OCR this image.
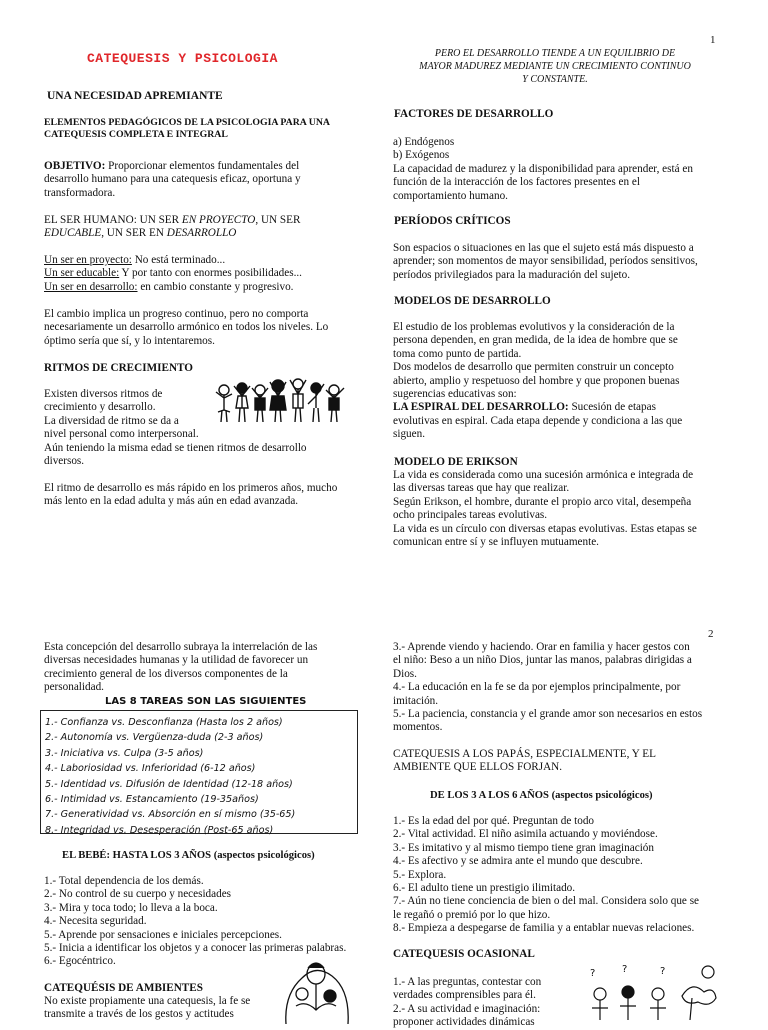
1
CATEQUESIS Y PSICOLOGIA
UNA NECESIDAD APREMIANTE

ELEMENTOS PEDAGÓGICOS DE LA PSICOLOGIA PARA UNA

CATEQUESIS COMPLETA E INTEGRAL

OBJETIVO: Proporcionar elementos fundamentales del

desarrollo humano para una catequesis eficaz, oportuna y

transformadora.

EL SER HUMANO: UN SER EN PROYECTO, UN SER

EDUCABLE, UN SER EN DESARROLLO

Un ser en proyecto: No está terminado...

Un ser educable: Y por tanto con enormes posibilidades...

Un ser en desarrollo: en cambio constante y progresivo.

El cambio implica un progreso continuo, pero no comporta

necesariamente un desarrollo armónico en todos los niveles. Lo

óptimo sería que sí, y lo intentaremos.

RITMOS DE CRECIMIENTO

Existen diversos ritmos de

crecimiento y desarrollo.

La diversidad de ritmo se da a

nivel personal como interpersonal.

Aún teniendo la misma edad se tienen ritmos de desarrollo

diversos.

El ritmo de desarrollo es más rápido en los primeros años, mucho

más lento en la edad adulta y más aún en edad avanzada.

PERO EL DESARROLLO TIENDE A UN EQUILIBRIO DE

MAYOR MADUREZ MEDIANTE UN CRECIMIENTO CONTINUO

Y CONSTANTE.

FACTORES DE DESARROLLO

a) Endógenos

b) Exógenos

La capacidad de madurez y la disponibilidad para aprender, está en

función de la interacción de los factores presentes en el

comportamiento humano.

PERÍODOS CRÍTICOS

Son espacios o situaciones en las que el sujeto está más dispuesto a

aprender; son momentos de mayor sensibilidad, períodos sensitivos,

períodos privilegiados para la maduración del sujeto.

MODELOS DE DESARROLLO

El estudio de los problemas evolutivos y la consideración de la

persona dependen, en gran medida, de la idea de hombre que se

toma como punto de partida.

Dos modelos de desarrollo que permiten construir un concepto

abierto, amplio y respetuoso del hombre y que proponen buenas

sugerencias educativas son:

LA ESPIRAL DEL DESARROLLO: Sucesión de etapas

evolutivas en espiral. Cada etapa depende y condiciona a las que

siguen.

MODELO DE ERIKSON

La vida es considerada como una sucesión armónica e integrada de

las diversas tareas que hay que realizar.

Según Erikson, el hombre, durante el propio arco vital, desempeña

ocho principales tareas evolutivas.

La vida es un círculo con diversas etapas evolutivas. Estas etapas se

comunican entre sí y se influyen mutuamente.

2

Esta concepción del desarrollo subraya la interrelación de las

diversas necesidades humanas y la utilidad de favorecer un

crecimiento general de los diversos componentes de la

personalidad.

LAS 8 TAREAS SON LAS SIGUIENTES

1.- Confianza vs. Desconfianza (Hasta los 2 años)

2.- Autonomía vs. Vergüenza-duda (2-3 años)

3.- Iniciativa vs. Culpa (3-5 años)

4.- Laboriosidad vs. Inferioridad (6-12 años)

5.- Identidad vs. Difusión de Identidad (12-18 años)

6.- Intimidad vs. Estancamiento (19-35años)

7.- Generatividad vs. Absorción en sí mismo (35-65)

8.- Integridad vs. Desesperación (Post-65 años)

EL BEBÉ: HASTA LOS 3 AÑOS (aspectos psicológicos)

1.- Total dependencia de los demás.

2.- No control de su cuerpo y necesidades

3.- Mira y toca todo; lo lleva a la boca.

4.- Necesita seguridad.

5.- Aprende por sensaciones e iniciales percepciones.

5.- Inicia a identificar los objetos y a conocer las primeras palabras.

6.- Egocéntrico.

CATEQUÉSIS DE AMBIENTES

No existe propiamente una catequesis, la fe se

transmite a través de los gestos y actitudes

3.- Aprende viendo y haciendo. Orar en familia y hacer gestos con

el niño: Beso a un niño Dios, juntar las manos, palabras dirigidas a

Dios.

4.- La educación en la fe se da por ejemplos principalmente, por

imitación.

5.- La paciencia, constancia y el grande amor son necesarios en estos

momentos.

CATEQUESIS A LOS PAPÁS, ESPECIALMENTE, Y EL

AMBIENTE QUE ELLOS FORJAN.

DE LOS 3 A LOS 6 AÑOS (aspectos psicológicos)

1.- Es la edad del por qué. Preguntan de todo

2.- Vital actividad. El niño asimila actuando y moviéndose.

3.- Es imitativo y al mismo tiempo tiene gran imaginación

4.- Es afectivo y se admira ante el mundo que descubre.

5.- Explora.

6.- El adulto tiene un prestigio ilimitado.

7.- Aún no tiene conciencia de bien o del mal. Considera solo que se

le regañó o premió por lo que hizo.

8.- Empieza a despegarse de familia y a entablar nuevas relaciones.

CATEQUESIS OCASIONAL

1.- A las preguntas, contestar con

verdades comprensibles para él.

2.- A su actividad e imaginación:

proponer actividades dinámicas

?	?	?
